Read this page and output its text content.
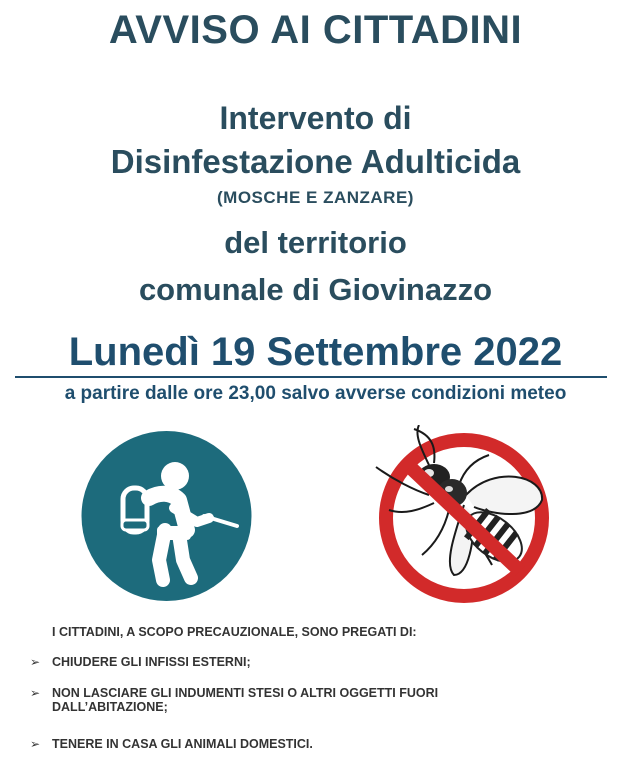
AVVISO AI CITTADINI
Intervento di
Disinfestazione Adulticida
(MOSCHE E ZANZARE)
del territorio
comunale di Giovinazzo
Lunedì 19 Settembre 2022
a partire dalle ore 23,00 salvo avverse condizioni meteo
I CITTADINI, A SCOPO PRECAUZIONALE, SONO PREGATI DI:
➢ CHIUDERE GLI INFISSI ESTERNI;
➢ NON LASCIARE GLI INDUMENTI STESI O ALTRI OGGETTI FUORI DALL’ABITAZIONE;
➢ TENERE IN CASA GLI ANIMALI DOMESTICI.
